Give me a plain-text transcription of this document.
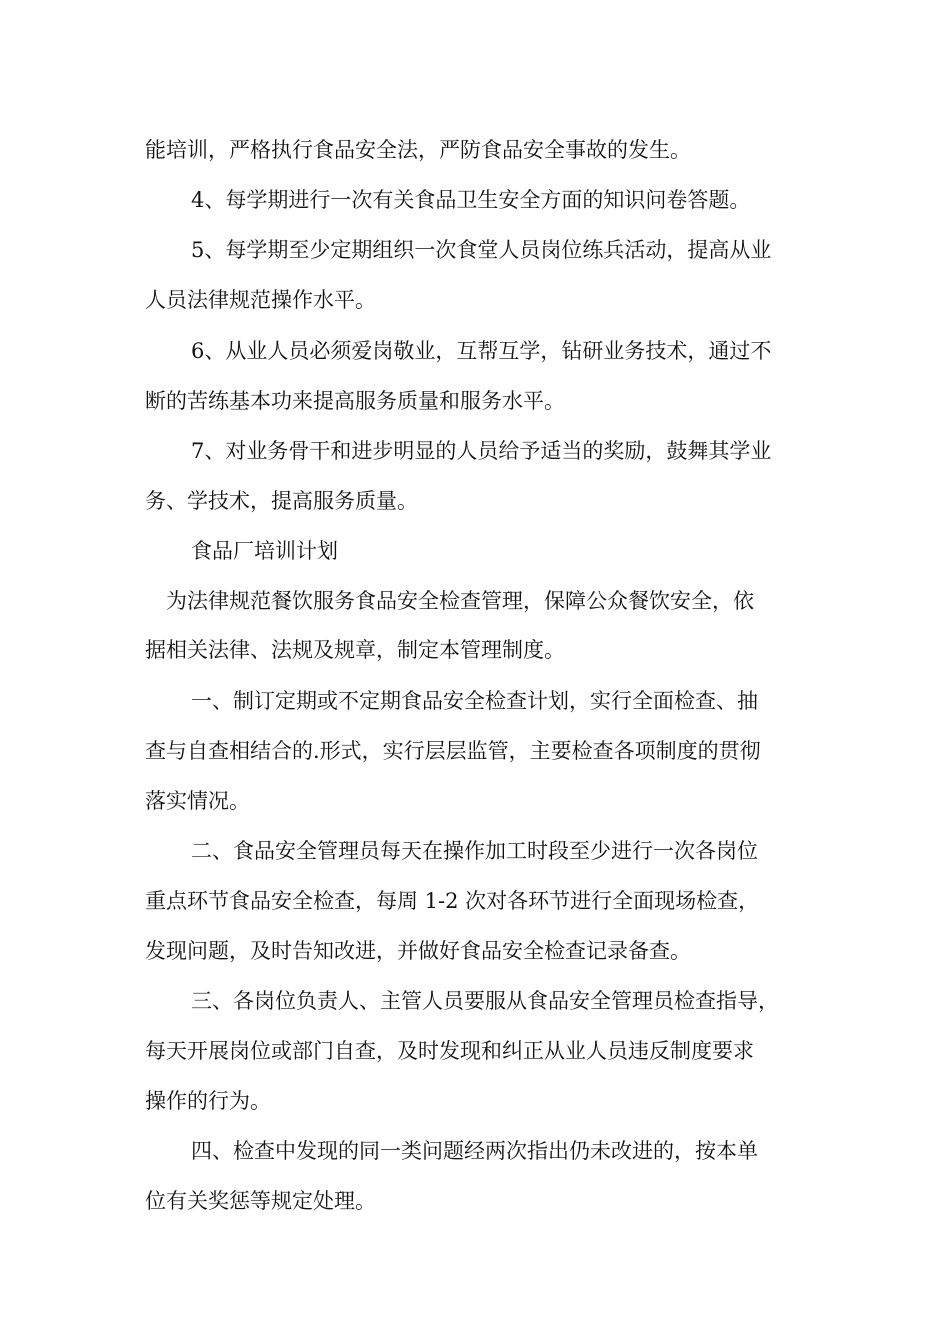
能培训，严格执行食品安全法，严防食品安全事故的发生。

4、每学期进行一次有关食品卫生安全方面的知识问卷答题。

5、每学期至少定期组织一次食堂人员岗位练兵活动，提高从业

人员法律规范操作水平。

6、从业人员必须爱岗敬业，互帮互学，钻研业务技术，通过不

断的苦练基本功来提高服务质量和服务水平。

7、对业务骨干和进步明显的人员给予适当的奖励，鼓舞其学业

务、学技术，提高服务质量。

食品厂培训计划

为法律规范餐饮服务食品安全检查管理，保障公众餐饮安全，依

据相关法律、法规及规章，制定本管理制度。

一、制订定期或不定期食品安全检查计划，实行全面检查、抽

查与自查相结合的.形式，实行层层监管，主要检查各项制度的贯彻

落实情况。

二、食品安全管理员每天在操作加工时段至少进行一次各岗位

重点环节食品安全检查，每周 1-2 次对各环节进行全面现场检查，

发现问题，及时告知改进，并做好食品安全检查记录备查。

三、各岗位负责人、主管人员要服从食品安全管理员检查指导，

每天开展岗位或部门自查，及时发现和纠正从业人员违反制度要求

操作的行为。

四、检查中发现的同一类问题经两次指出仍未改进的，按本单

位有关奖惩等规定处理。
